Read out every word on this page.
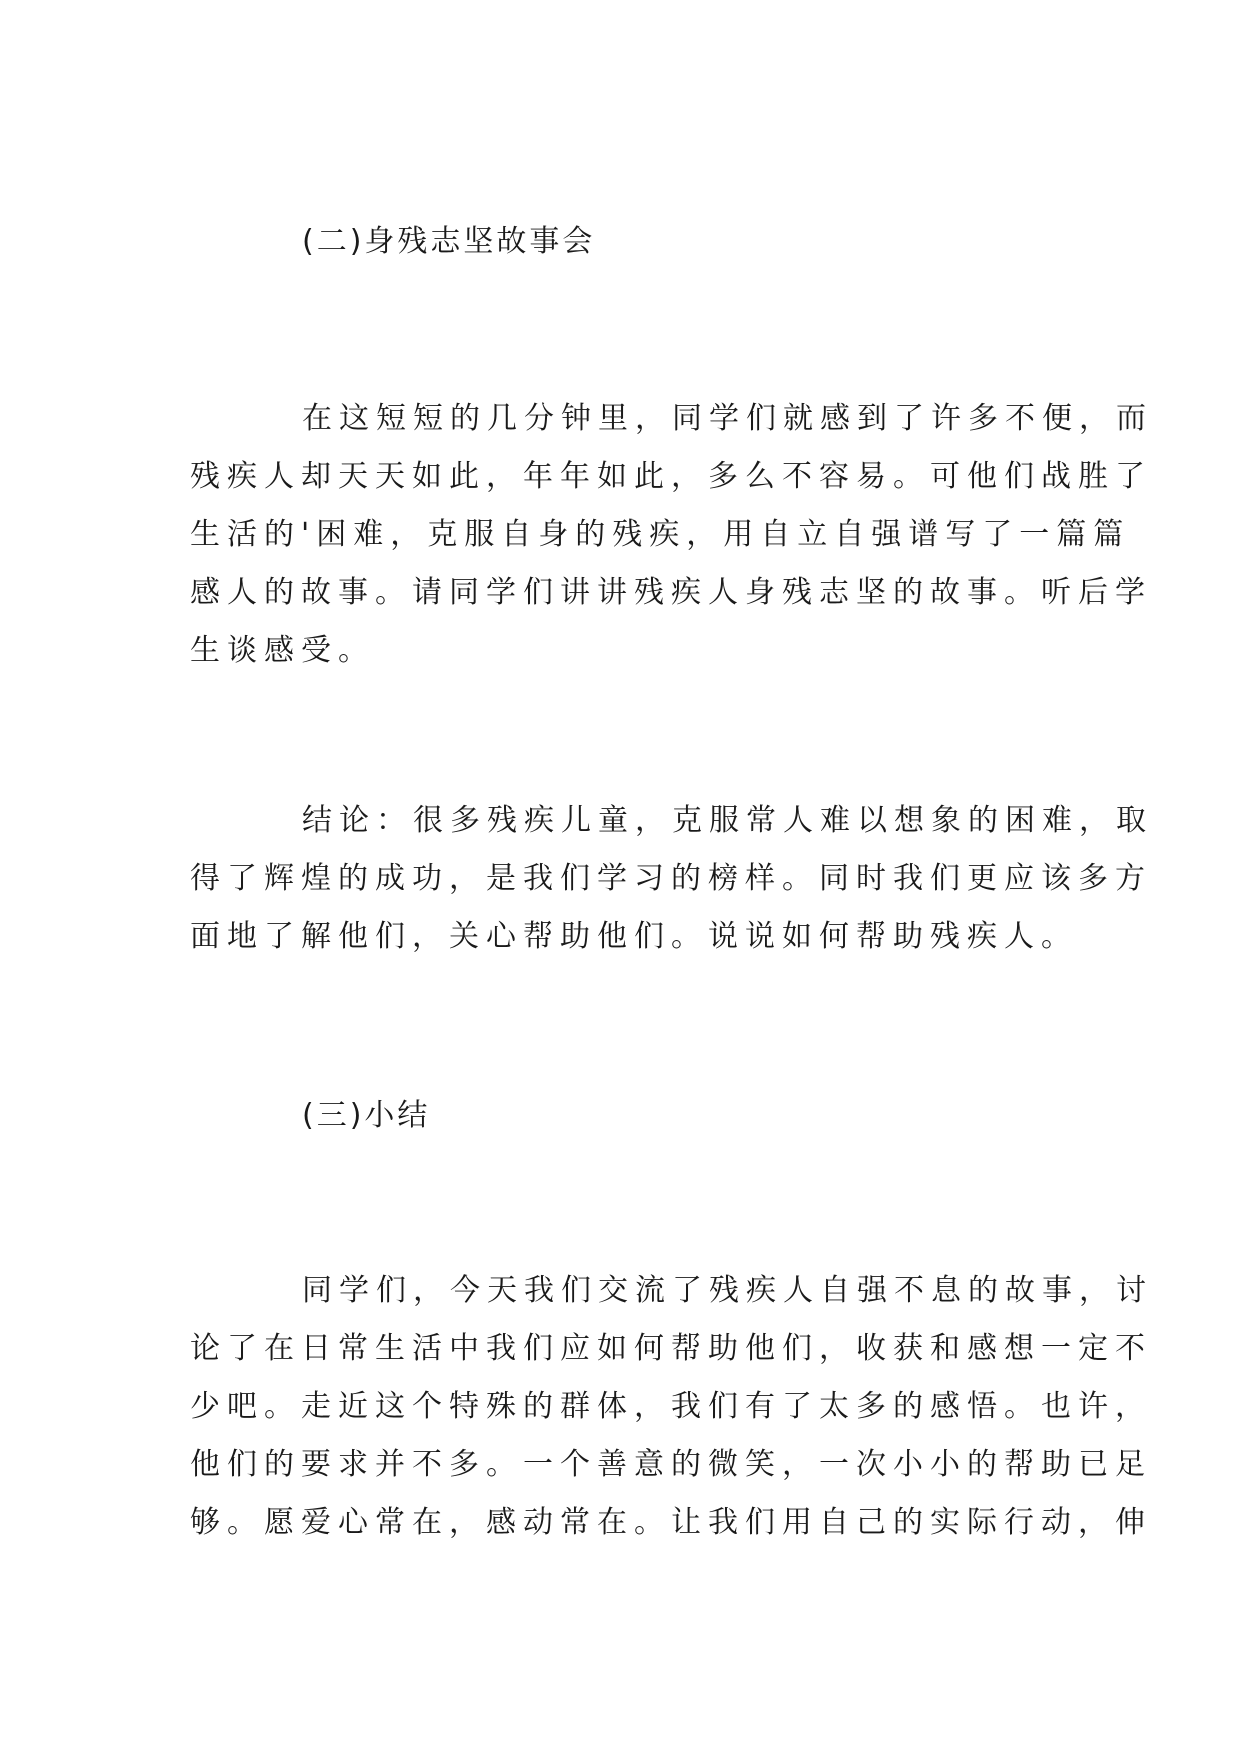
(二)身残志坚故事会
在这短短的几分钟里，同学们就感到了许多不便，而
残疾人却天天如此，年年如此，多么不容易。可他们战胜了
生活的'困难，克服自身的残疾，用自立自强谱写了一篇篇
感人的故事。请同学们讲讲残疾人身残志坚的故事。听后学
生谈感受。
结论：很多残疾儿童，克服常人难以想象的困难，取
得了辉煌的成功，是我们学习的榜样。同时我们更应该多方
面地了解他们，关心帮助他们。说说如何帮助残疾人。
(三)小结
同学们，今天我们交流了残疾人自强不息的故事，讨
论了在日常生活中我们应如何帮助他们，收获和感想一定不
少吧。走近这个特殊的群体，我们有了太多的感悟。也许，
他们的要求并不多。一个善意的微笑，一次小小的帮助已足
够。愿爱心常在，感动常在。让我们用自己的实际行动，伸
